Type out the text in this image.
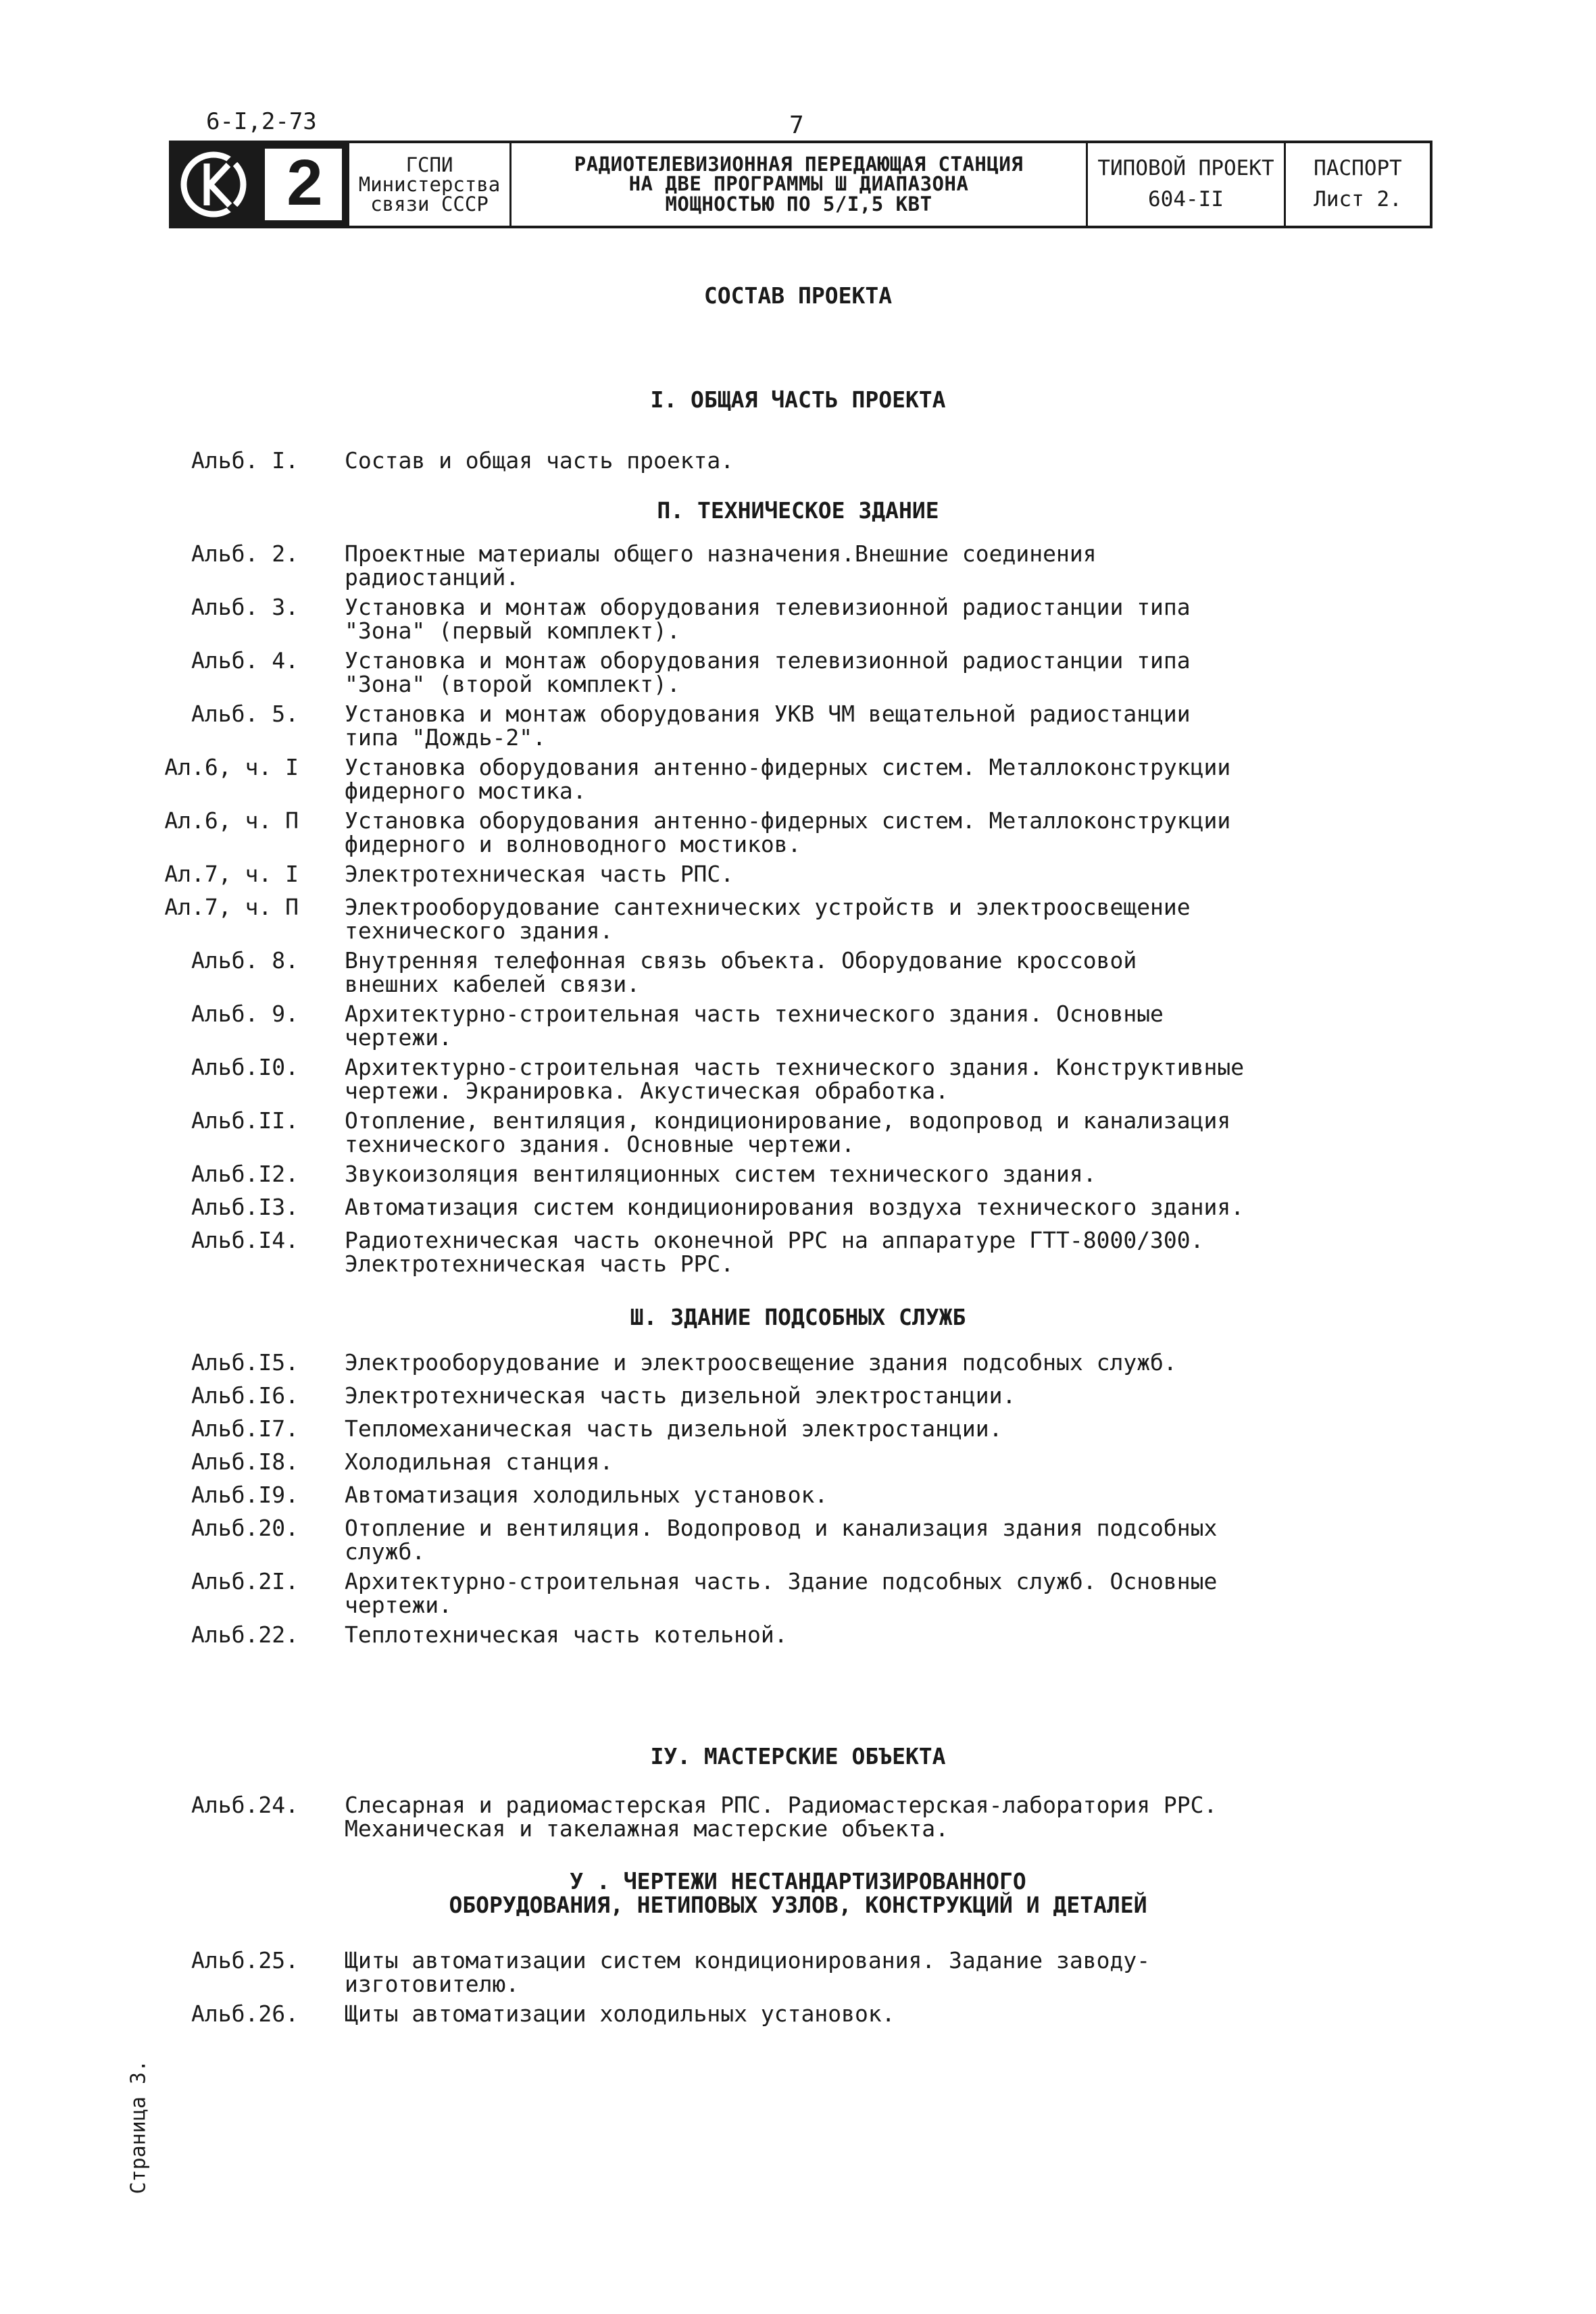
6-I,2-73	7
2	ГСПИ
Министерства
связи СССР
РАДИОТЕЛЕВИЗИОННАЯ ПЕРЕДАЮЩАЯ СТАНЦИЯ
НА ДВЕ ПРОГРАММЫ Ш ДИАПАЗОНА
МОЩНОСТЬЮ ПО 5/I,5 КВТ
ТИПОВОЙ ПРОЕКТ
604-II
ПАСПОРТ
Лист 2.
СОСТАВ ПРОЕКТА
I. ОБЩАЯ ЧАСТЬ ПРОЕКТА
П. ТЕХНИЧЕСКОЕ ЗДАНИЕ
Ш. ЗДАНИЕ ПОДСОБНЫХ СЛУЖБ
IУ. МАСТЕРСКИЕ ОБЪЕКТА
У . ЧЕРТЕЖИ НЕСТАНДАРТИЗИРОВАННОГО
ОБОРУДОВАНИЯ, НЕТИПОВЫХ УЗЛОВ, КОНСТРУКЦИЙ И ДЕТАЛЕЙ
Альб. I. Состав и общая часть проекта.
Альб. 2. Проектные материалы общего назначения.Внешние соединения
радиостанций.
Альб. 3. Установка и монтаж оборудования телевизионной радиостанции типа
"Зона" (первый комплект).
Альб. 4. Установка и монтаж оборудования телевизионной радиостанции типа
"Зона" (второй комплект).
Альб. 5. Установка и монтаж оборудования УКВ ЧМ вещательной радиостанции
типа "Дождь-2".
Ал.6, ч. I Установка оборудования антенно-фидерных систем. Металлоконструкции
фидерного мостика.
Ал.6, ч. П Установка оборудования антенно-фидерных систем. Металлоконструкции
фидерного и волноводного мостиков.
Ал.7, ч. I Электротехническая часть РПС.
Ал.7, ч. П Электрооборудование сантехнических устройств и электроосвещение
технического здания.
Альб. 8. Внутренняя телефонная связь объекта. Оборудование кроссовой
внешних кабелей связи.
Альб. 9. Архитектурно-строительная часть технического здания. Основные
чертежи.
Альб.I0. Архитектурно-строительная часть технического здания. Конструктивные
чертежи. Экранировка. Акустическая обработка.
Альб.II. Отопление, вентиляция, кондиционирование, водопровод и канализация
технического здания. Основные чертежи.
Альб.I2. Звукоизоляция вентиляционных систем технического здания.
Альб.I3. Автоматизация систем кондиционирования воздуха технического здания.
Альб.I4. Радиотехническая часть оконечной РРС на аппаратуре ГТТ-8000/300.
Электротехническая часть РРС.
Альб.I5. Электрооборудование и электроосвещение здания подсобных служб.
Альб.I6. Электротехническая часть дизельной электростанции.
Альб.I7. Тепломеханическая часть дизельной электростанции.
Альб.I8. Холодильная станция.
Альб.I9. Автоматизация холодильных установок.
Альб.20. Отопление и вентиляция. Водопровод и канализация здания подсобных
служб.
Альб.2I. Архитектурно-строительная часть. Здание подсобных служб. Основные
чертежи.
Альб.22. Теплотехническая часть котельной.
Альб.24. Слесарная и радиомастерская РПС. Радиомастерская-лаборатория РРС.
Механическая и такелажная мастерские объекта.
Альб.25. Щиты автоматизации систем кондиционирования. Задание заводу-
изготовителю.
Альб.26. Щиты автоматизации холодильных установок.
Страница 3.
